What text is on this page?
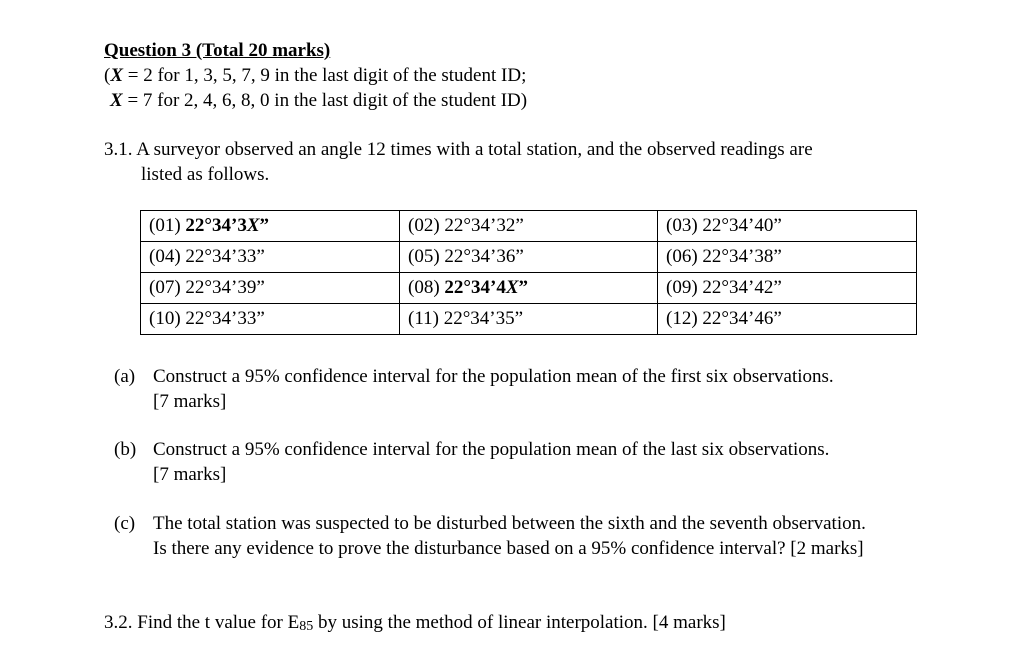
Question 3 (Total 20 marks)
(X = 2 for 1, 3, 5, 7, 9 in the last digit of the student ID;
X = 7 for 2, 4, 6, 8, 0 in the last digit of the student ID)
3.1. A surveyor observed an angle 12 times with a total station, and the observed readings are
listed as follows.
(01) 22°34’3X”	(02) 22°34’32”	(03) 22°34’40”
(04) 22°34’33”	(05) 22°34’36”	(06) 22°34’38”
(07) 22°34’39”	(08) 22°34’4X”	(09) 22°34’42”
(10) 22°34’33”	(11) 22°34’35”	(12) 22°34’46”
(a) Construct a 95% confidence interval for the population mean of the first six observations.
[7 marks]
(b) Construct a 95% confidence interval for the population mean of the last six observations.
[7 marks]
(c) The total station was suspected to be disturbed between the sixth and the seventh observation.
Is there any evidence to prove the disturbance based on a 95% confidence interval? [2 marks]
3.2. Find the t value for E85 by using the method of linear interpolation. [4 marks]
